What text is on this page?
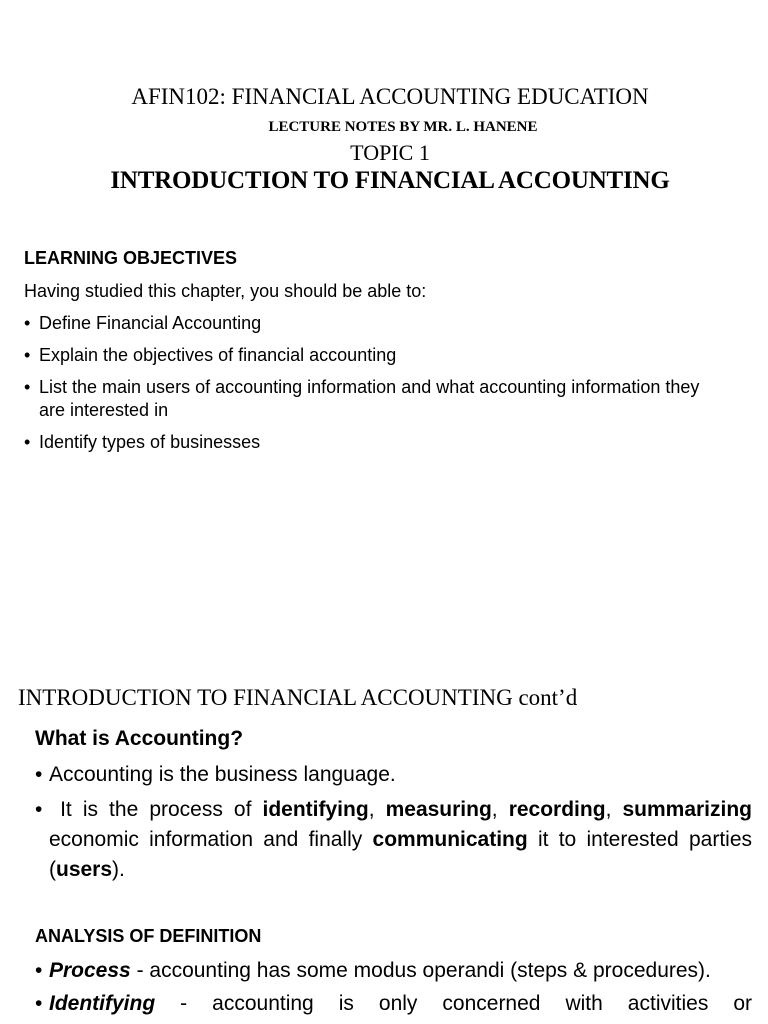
AFIN102: FINANCIAL ACCOUNTING EDUCATION
LECTURE NOTES BY MR. L. HANENE
TOPIC 1
INTRODUCTION TO FINANCIAL ACCOUNTING
LEARNING OBJECTIVES
Having studied this chapter, you should be able to:
• Define Financial Accounting
• Explain the objectives of financial accounting
• List the main users of accounting information and what accounting information they are interested in
• Identify types of businesses
INTRODUCTION TO FINANCIAL ACCOUNTING cont’d
What is Accounting?
• Accounting is the business language.
• It is the process of identifying, measuring, recording, summarizing economic information and finally communicating it to interested parties (users).
ANALYSIS OF DEFINITION
• Process - accounting has some modus operandi (steps & procedures).
• Identifying - accounting is only concerned with activities or
